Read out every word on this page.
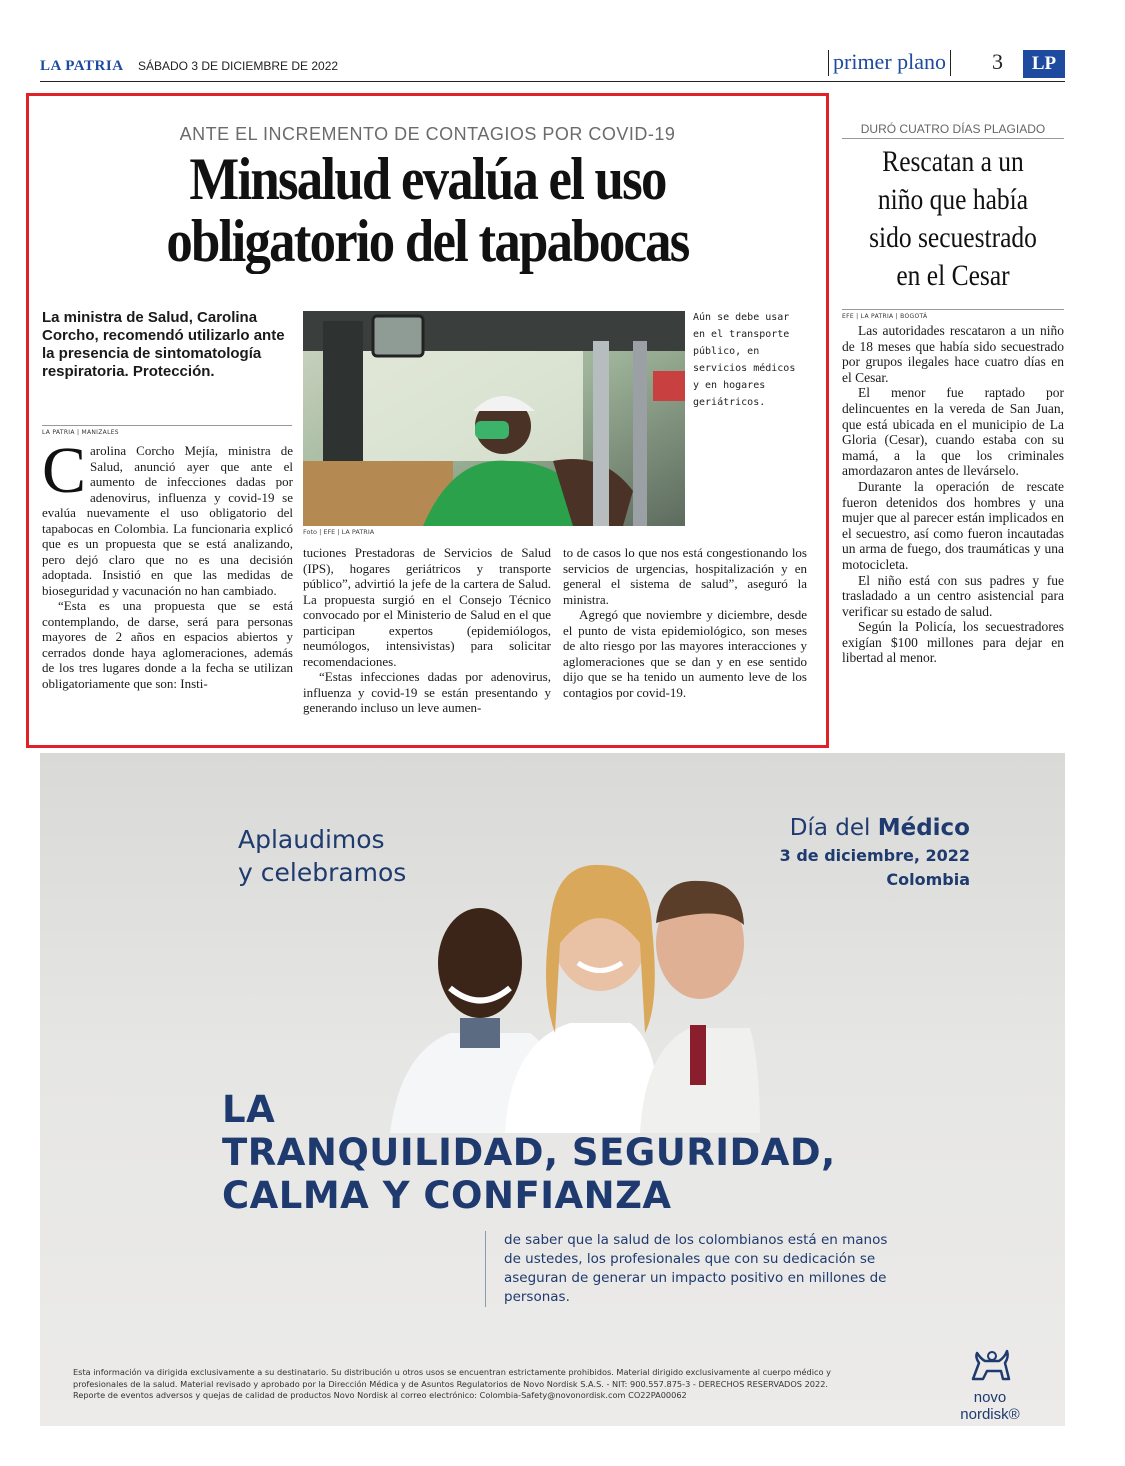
LA PATRIA SÁBADO 3 DE DICIEMBRE DE 2022	primer plano 3	LP
ANTE EL INCREMENTO DE CONTAGIOS POR COVID-19
Minsalud evalúa el uso
obligatorio del tapabocas
La ministra de Salud, Carolina Corcho, recomendó utilizarlo ante la presencia de sintomatología respiratoria. Protección.
LA PATRIA | MANIZALES

Carolina Corcho Mejía, ministra de Salud, anunció ayer que ante el aumento de infecciones dadas por adenovirus, influenza y covid-19 se evalúa nuevamente el uso obligatorio del tapabocas en Colombia. La funcionaria explicó que es un propuesta que se está analizando, pero dejó claro que no es una decisión adoptada. Insistió en que las medidas de bioseguridad y vacunación no han cambiado.

“Esta es una propuesta que se está contemplando, de darse, será para personas mayores de 2 años en espacios abiertos y cerrados donde haya aglomeraciones, además de los tres lugares donde a la fecha se utilizan obligatoriamente que son: Insti-

Foto | EFE | LA PATRIA
Aún se debe usar en el transporte público, en servicios médicos y en hogares geriátricos.

tuciones Prestadoras de Servicios de Salud (IPS), hogares geriátricos y transporte público”, advirtió la jefe de la cartera de Salud. La propuesta surgió en el Consejo Técnico convocado por el Ministerio de Salud en el que participan expertos (epidemiólogos, neumólogos, intensivistas) para solicitar recomendaciones.

“Estas infecciones dadas por adenovirus, influenza y covid-19 se están presentando y generando incluso un leve aumen-

to de casos lo que nos está congestionando los servicios de urgencias, hospitalización y en general el sistema de salud”, aseguró la ministra.

Agregó que noviembre y diciembre, desde el punto de vista epidemiológico, son meses de alto riesgo por las mayores interacciones y aglomeraciones que se dan y en ese sentido dijo que se ha tenido un aumento leve de los contagios por covid-19.

DURÓ CUATRO DÍAS PLAGIADO
Rescatan a un niño que había sido secuestrado en el Cesar
EFE | LA PATRIA | BOGOTÁ

Las autoridades rescataron a un niño de 18 meses que había sido secuestrado por grupos ilegales hace cuatro días en el Cesar.

El menor fue raptado por delincuentes en la vereda de San Juan, que está ubicada en el municipio de La Gloria (Cesar), cuando estaba con su mamá, a la que los criminales amordazaron antes de llevárselo.

Durante la operación de rescate fueron detenidos dos hombres y una mujer que al parecer están implicados en el secuestro, así como fueron incautadas un arma de fuego, dos traumáticas y una motocicleta.

El niño está con sus padres y fue trasladado a un centro asistencial para verificar su estado de salud.

Según la Policía, los secuestradores exigían $100 millones para dejar en libertad al menor.

Aplaudimos
y celebramos
Día del Médico
3 de diciembre, 2022
Colombia
LA
TRANQUILIDAD, SEGURIDAD,
CALMA Y CONFIANZA
de saber que la salud de los colombianos está en manos de ustedes, los profesionales que con su dedicación se aseguran de generar un impacto positivo en millones de personas.
Esta información va dirigida exclusivamente a su destinatario. Su distribución u otros usos se encuentran estrictamente prohibidos. Material dirigido exclusivamente al cuerpo médico y profesionales de la salud. Material revisado y aprobado por la Dirección Médica y de Asuntos Regulatorios de Novo Nordisk S.A.S. - NIT: 900.557.875-3 - DERECHOS RESERVADOS 2022. Reporte de eventos adversos y quejas de calidad de productos Novo Nordisk al correo electrónico: Colombia-Safety@novonordisk.com CO22PA00062	novo nordisk®
